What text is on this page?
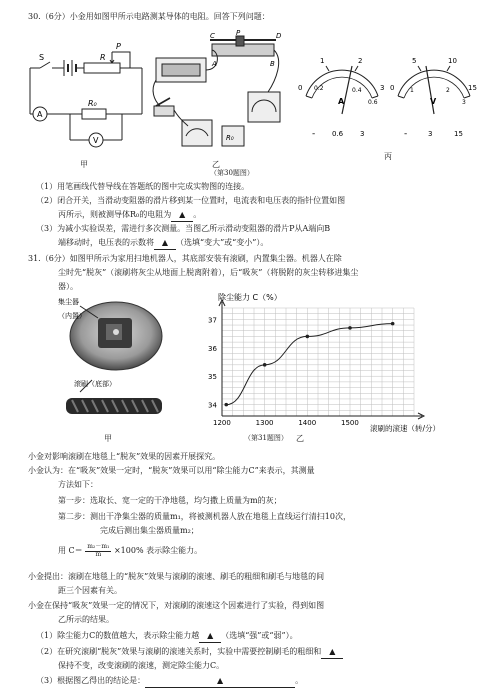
30.（6分）小金用如图甲所示电路测某导体的电阻。回答下列问题：
S	R
P
A
R₀
V
甲
C	P	D
A	B
R₀
乙
0
1	2
3
0.2	0.4
0.6
A
- 0.6 3
0
5	10
15
1	2
3
V
-	3	15
丙
（第30题图）
（1）用笔画线代替导线在答题纸的图中完成实物图的连接。
（2）闭合开关，当滑动变阻器的滑片移到某一位置时，电流表和电压表的指针位置如图
丙所示，则被测导体R₀的电阻为 ▲ 。
（3）为减小实验误差，需进行多次测量。当图乙所示滑动变阻器的滑片P从A端向B
端移动时，电压表的示数将 ▲ （选填“变大”或“变小”）。
31.（6分）如图甲所示为家用扫地机器人，其底部安装有滚刷，内置集尘器。机器人在除
尘时先“脱灰”（滚刷将灰尘从地面上脱离附着），后“吸灰”（将脱附的灰尘转移进集尘
器）。
集尘器
（内置）
滚刷（底部）
甲
除尘能力 C（%）
滚刷的滚速（转/分）
1200	1300	1400	1500
34
35
36
37
（第31题图） 乙
小金对影响滚刷在地毯上“脱灰”效果的因素开展探究。
小金认为：在“吸灰”效果一定时，“脱灰”效果可以用“除尘能力C”来表示，其测量
方法如下：
第一步：选取长、宽一定的干净地毯，均匀撒上质量为m的灰；
第二步：测出干净集尘器的质量m₁，将被测机器人放在地毯上直线运行清扫10次，
完成后测出集尘器质量m₂；
用 $C= \frac{\text{m₂－m₁}}{m} \times 100\%$ 表示除尘能力。
小金提出：滚刷在地毯上的“脱灰”效果与滚刷的滚速、刷毛的粗细和刷毛与地毯的间
距三个因素有关。
小金在保持“吸灰”效果一定的情况下，对滚刷的滚速这个因素进行了实验，得到如图
乙所示的结果。
（1）除尘能力C的数值越大，表示除尘能力越 ▲ （选填“强”或“弱”）。
（2）在研究滚刷“脱灰”效果与滚刷的滚速关系时，实验中需要控制刷毛的粗细和 ▲
保持不变，改变滚刷的滚速，测定除尘能力C。
（3）根据图乙得出的结论是：	▲	。
